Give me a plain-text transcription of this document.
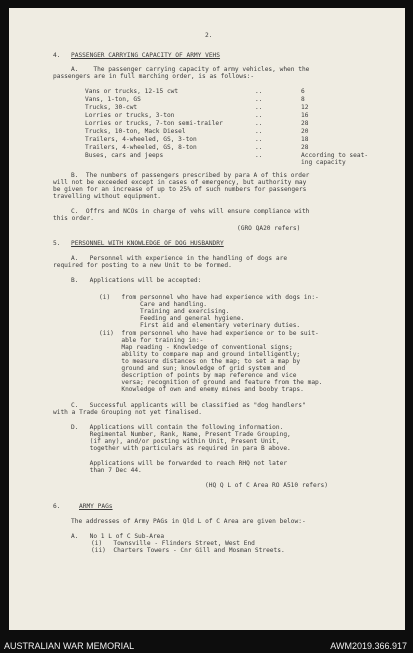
2.
4. PASSENGER CARRYING CAPACITY OF ARMY VEHS
A.    The passenger carrying capacity of army vehicles, when the
passengers are in full marching order, is as follows:-
Vans or trucks, 12-15 cwt	..	6
Vans, 1-ton, GS	..	8
Trucks, 30-cwt	..	12
Lorries or trucks, 3-ton	..	16
Lorries or trucks, 7-ton semi-trailer	..	28
Trucks, 10-ton, Mack Diesel	..	20
Trailers, 4-wheeled, GS, 3-ton	..	18
Trailers, 4-wheeled, GS, 8-ton	..	28
Buses, cars and jeeps	..	According to seat-
ing capacity
B.  The numbers of passengers prescribed by para A of this order
will not be exceeded except in cases of emergency, but authority may
be given for an increase of up to 25% of such numbers for passengers
travelling without equipment.
C.  Offrs and NCOs in charge of vehs will ensure compliance with
this order.
(GRO QA20 refers)
5. PERSONNEL WITH KNOWLEDGE OF DOG HUSBANDRY
A.   Personnel with experience in the handling of dogs are
required for posting to a new Unit to be formed.
B.   Applications will be accepted:
(i)   from personnel who have had experience with dogs in:-
Care and handling.
Training and exercising.
Feeding and general hygiene.
First aid and elementary veterinary duties.
(ii)  from personnel who have had experience or to be suit-
able for training in:-
Map reading - Knowledge of conventional signs;
ability to compare map and ground intelligently;
to measure distances on the map; to set a map by
ground and sun; knowledge of grid system and
description of points by map reference and vice
versa; recognition of ground and feature from the map.
Knowledge of own and enemy mines and booby traps.
C.   Successful applicants will be classified as "dog handlers"
with a Trade Grouping not yet finalised.
D.   Applications will contain the following information.
Regimental Number, Rank, Name, Present Trade Grouping,
(if any), and/or posting within Unit, Present Unit,
together with particulars as required in para B above.
Applications will be forwarded to reach RHQ not later
than 7 Dec 44.
(HQ Q L of C Area RO A510 refers)
6.	ARMY PAGs
The addresses of Army PAGs in Qld L of C Area are given below:-
A.   No 1 L of C Sub-Area
(i)   Townsville - Flinders Street, West End
(ii)  Charters Towers - Cnr Gill and Mosman Streets.
AUSTRALIAN WAR MEMORIAL	AWM2019.366.917
